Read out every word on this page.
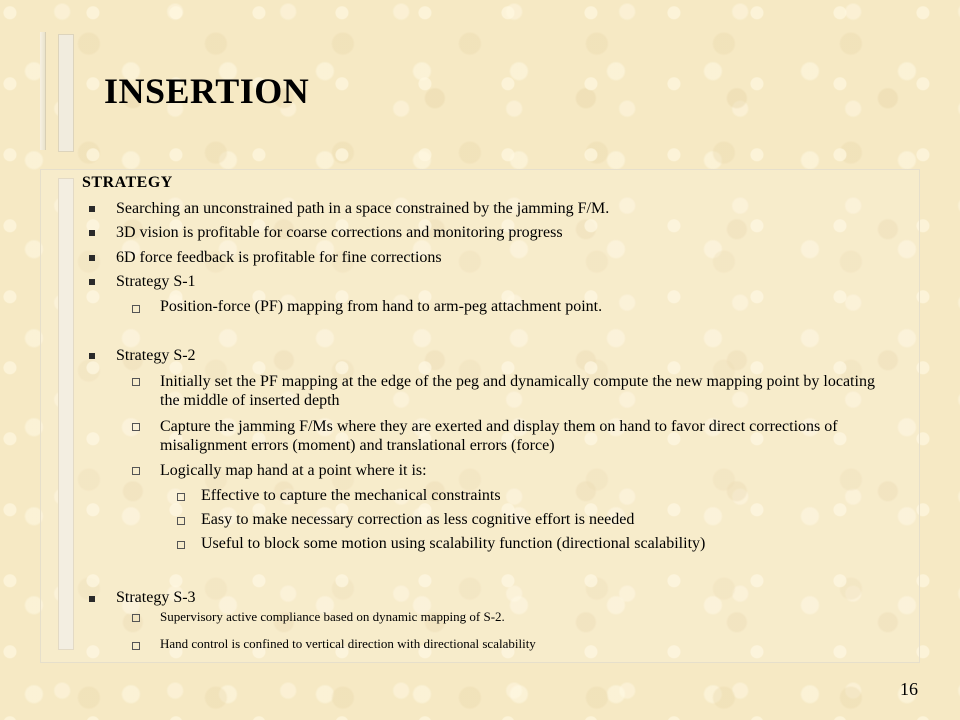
INSERTION
STRATEGY
Searching an unconstrained path in a space constrained by the jamming F/M.
3D vision is profitable for coarse corrections and monitoring progress
6D force feedback is profitable for fine corrections
Strategy S-1
Position-force (PF) mapping from hand to arm-peg attachment point.
Strategy S-2
Initially set the PF mapping at the edge of the peg and dynamically compute the new mapping point by locating the middle of inserted depth
Capture the jamming F/Ms where they are exerted and display them on hand to favor direct corrections of misalignment errors (moment) and translational errors (force)
Logically map hand at a point where it is:
Effective to capture the mechanical constraints
Easy to make necessary correction as less cognitive effort is needed
Useful to block some motion using scalability function (directional scalability)
Strategy S-3
Supervisory active compliance based on dynamic mapping of S-2.
Hand control is confined to vertical direction with directional scalability
16
